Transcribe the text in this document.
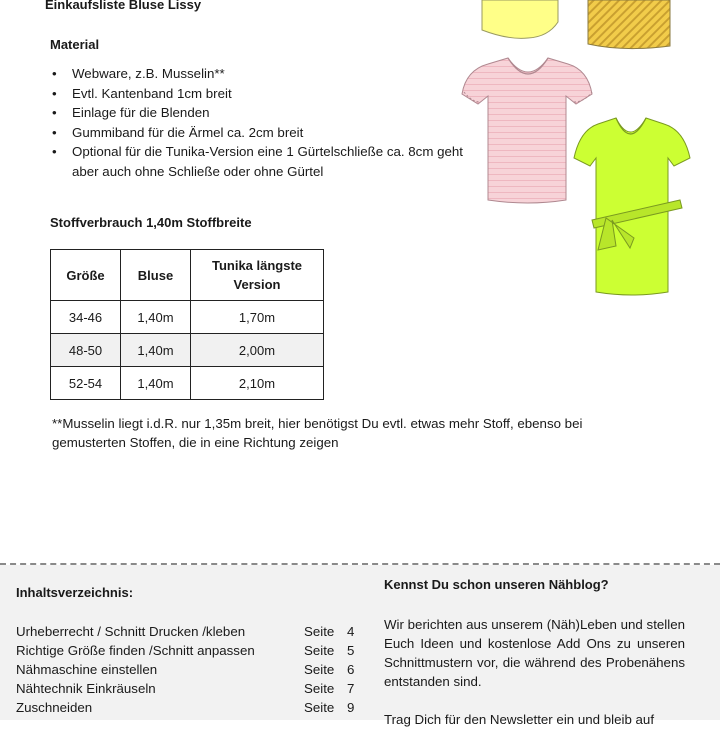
Einkaufsliste Bluse Lissy
Material
• Webware, z.B. Musselin**
• Evtl. Kantenband 1cm breit
• Einlage für die Blenden
• Gummiband für die Ärmel ca. 2cm breit
• Optional für die Tunika-Version eine 1 Gürtelschließe ca. 8cm geht aber auch ohne Schließe oder ohne Gürtel
Stoffverbrauch 1,40m Stoffbreite
Größe	Bluse	Tunika längste Version
34-46	1,40m	1,70m
48-50	1,40m	2,00m
52-54	1,40m	2,10m
**Musselin liegt i.d.R. nur 1,35m breit, hier benötigst Du evtl. etwas mehr Stoff, ebenso bei gemusterten Stoffen, die in eine Richtung zeigen
Inhaltsverzeichnis:
Urheberrecht / Schnitt Drucken /kleben	Seite 4
Richtige Größe finden /Schnitt anpassen	Seite 5
Nähmaschine einstellen	Seite 6
Nähtechnik Einkräuseln	Seite 7
Zuschneiden	Seite 9
Kennst Du schon unseren Nähblog?
Wir berichten aus unserem (Näh)Leben und stellen Euch Ideen und kostenlose Add Ons zu unseren Schnittmustern vor, die während des Probenähens entstanden sind.
Trag Dich für den Newsletter ein und bleib auf
